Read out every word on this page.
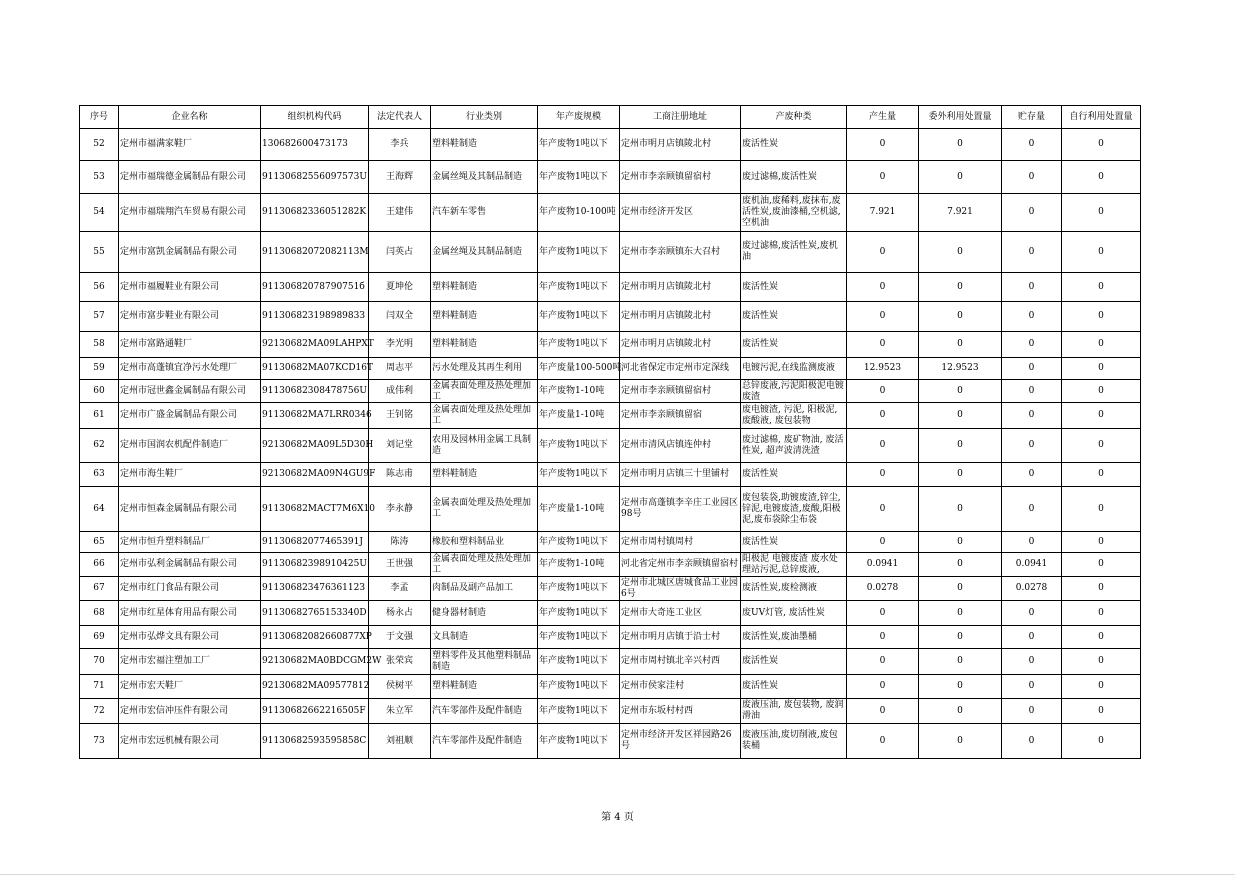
序号	企业名称	组织机构代码	法定代表人	行业类别	年产废规模	工商注册地址	产废种类	产生量	委外利用处置量	贮存量	自行利用处置量

52	定州市福满家鞋厂	130682600473173	李兵	塑料鞋制造	年产废物1吨以下	定州市明月店镇陵北村	废活性炭	0	0	0	0

53	定州市福瑞德金属制品有限公司	91130682556097573U	王海辉	金属丝绳及其制品制造	年产废物1吨以下	定州市李亲顾镇留宿村	废过滤棉,废活性炭	0	0	0	0

54	定州市福瑞翔汽车贸易有限公司	91130682336051282K	王建伟	汽车新车零售	年产废物10-100吨	定州市经济开发区	废机油,废稀料,废抹布,废活性炭,废油漆桶,空机滤,空机油	7.921	7.921	0	0

55	定州市富凯金属制品有限公司	91130682072082113M	闫英占	金属丝绳及其制品制造	年产废物1吨以下	定州市李亲顾镇东大召村	废过滤棉,废活性炭,废机油	0	0	0	0

56	定州市福履鞋业有限公司	91130682078790751б	夏坤伦	塑料鞋制造	年产废物1吨以下	定州市明月店镇陵北村	废活性炭	0	0	0	0

57	定州市富步鞋业有限公司	91130682319898983З	闫双全	塑料鞋制造	年产废物1吨以下	定州市明月店镇陵北村	废活性炭	0	0	0	0

58	定州市富路通鞋厂	92130682MA09LAHPXT	李光明	塑料鞋制造	年产废物1吨以下	定州市明月店镇陵北村	废活性炭	0	0	0	0

59	定州市高蓬镇宜净污水处理厂	91130682MA07KCD16T	周志平	污水处理及其再生利用	年产废量100-500吨	河北省保定市定州市定深线	电镀污泥,在线监测废液	12.9523	12.9523	0	0

60	定州市冠世鑫金属制品有限公司	91130682308478756U	成伟利	金属表面处理及热处理加工	年产废物1-10吨	定州市李亲顾镇留宿村	总锌废液,污泥阳极泥电镀废渣	0	0	0	0

61	定州市广盛金属制品有限公司	91130682MA7LRR0346	王钊铭	金属表面处理及热处理加工	年产废量1-10吨	定州市李亲顾镇留宿	废电镀渣, 污泥, 阳极泥, 废酸液, 废包装物	0	0	0	0

62	定州市国润农机配件制造厂	92130682MA09L5D30H	刘记堂	农用及园林用金属工具制造	年产废物1吨以下	定州市清风店镇连仲村	废过滤棉, 废矿物油, 废活性炭, 超声波清洗渣	0	0	0	0

63	定州市海生鞋厂	92130682MA09N4GU9F	陈志甫	塑料鞋制造	年产废物1吨以下	定州市明月店镇三十里铺村	废活性炭	0	0	0	0

64	定州市恒森金属制品有限公司	91130682MACT7M6X10	李永静	金属表面处理及热处理加工	年产废量1-10吨	定州市高蓬镇李辛庄工业园区98号	废包装袋,助镀废渣,锌尘,锌泥,电镀废渣,废酸,阳极泥,废布袋除尘布袋	0	0	0	0

65	定州市恒升塑料制品厂	91130682077465391J	陈涛	橡胶和塑料制品业	年产废物1吨以下	定州市周村镇周村	废活性炭	0	0	0	0

66	定州市弘利金属制品有限公司	91130682398910425U	王世强	金属表面处理及热处理加工	年产废物1-10吨	河北省定州市李亲顾镇留宿村	阳极泥 电镀废渣 废水处理站污泥,总锌废液,	0.0941	0	0.0941	0

67	定州市红门食品有限公司	91130682347636112З	李孟	肉制品及副产品加工	年产废物1吨以下	定州市北城区唐城食品工业园6号	废活性炭,废检测液	0.0278	0	0.0278	0

68	定州市红星体育用品有限公司	91130682765153340D	杨永占	健身器材制造	年产废物1吨以下	定州市大奇连工业区	废UV灯管, 废活性炭	0	0	0	0

69	定州市弘烨文具有限公司	91130682082660877XP	于文强	文具制造	年产废物1吨以下	定州市明月店镇于沿士村	废活性炭,废油墨桶	0	0	0	0

70	定州市宏福注塑加工厂	92130682MA0BDCGM2W	张荣宾	塑料零件及其他塑料制品制造	年产废物1吨以下	定州市周村镇北辛兴村西	废活性炭	0	0	0	0

71	定州市宏天鞋厂	92130682MA09577812	侯树平	塑料鞋制造	年产废物1吨以下	定州市侯家洼村	废活性炭	0	0	0	0

72	定州市宏信冲压件有限公司	91130682662216505F	朱立军	汽车零部件及配件制造	年产废物1吨以下	定州市东坂村村西	废液压油, 废包装物, 废润滑油	0	0	0	0

73	定州市宏远机械有限公司	91130682593595858C	刘祖顺	汽车零部件及配件制造	年产废物1吨以下	定州市经济开发区祥园路26号	废液压油,废切削液,废包装桶	0	0	0	0
第 4 页
